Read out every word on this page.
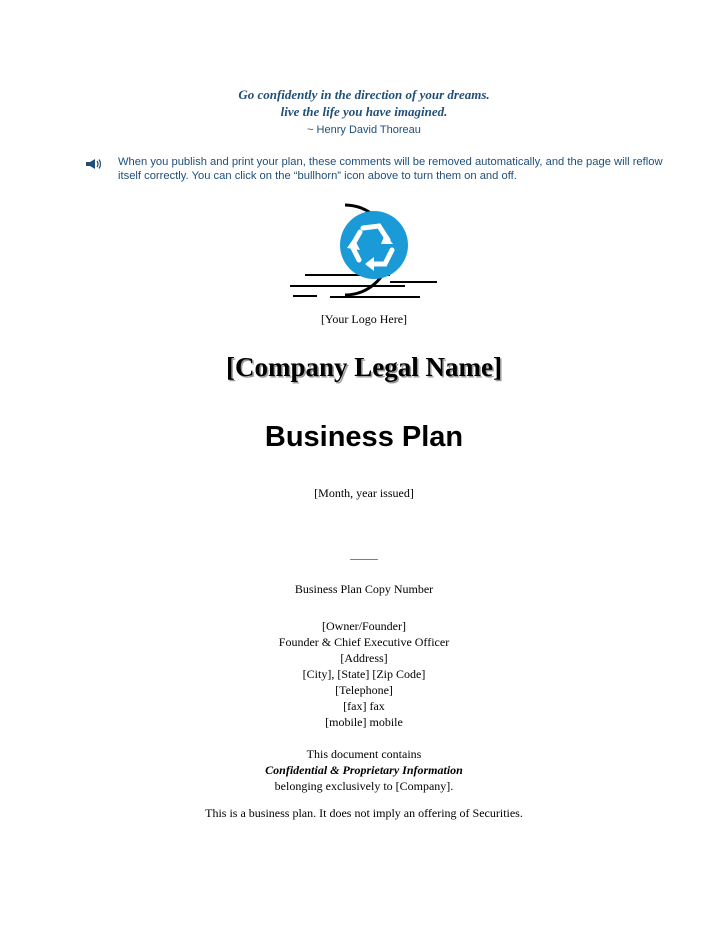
Go confidently in the direction of your dreams.
live the life you have imagined.
~ Henry David Thoreau
When you publish and print your plan, these comments will be removed automatically, and the page will reflow itself correctly. You can click on the “bullhorn” icon above to turn them on and off.
[Your Logo Here]
[Company Legal Name]
Business Plan
[Month, year issued]
_____
Business Plan Copy Number
[Owner/Founder]
Founder & Chief Executive Officer
[Address]
[City], [State] [Zip Code]
[Telephone]
[fax] fax
[mobile] mobile
This document contains
Confidential & Proprietary Information
belonging exclusively to [Company].
This is a business plan. It does not imply an offering of Securities.
